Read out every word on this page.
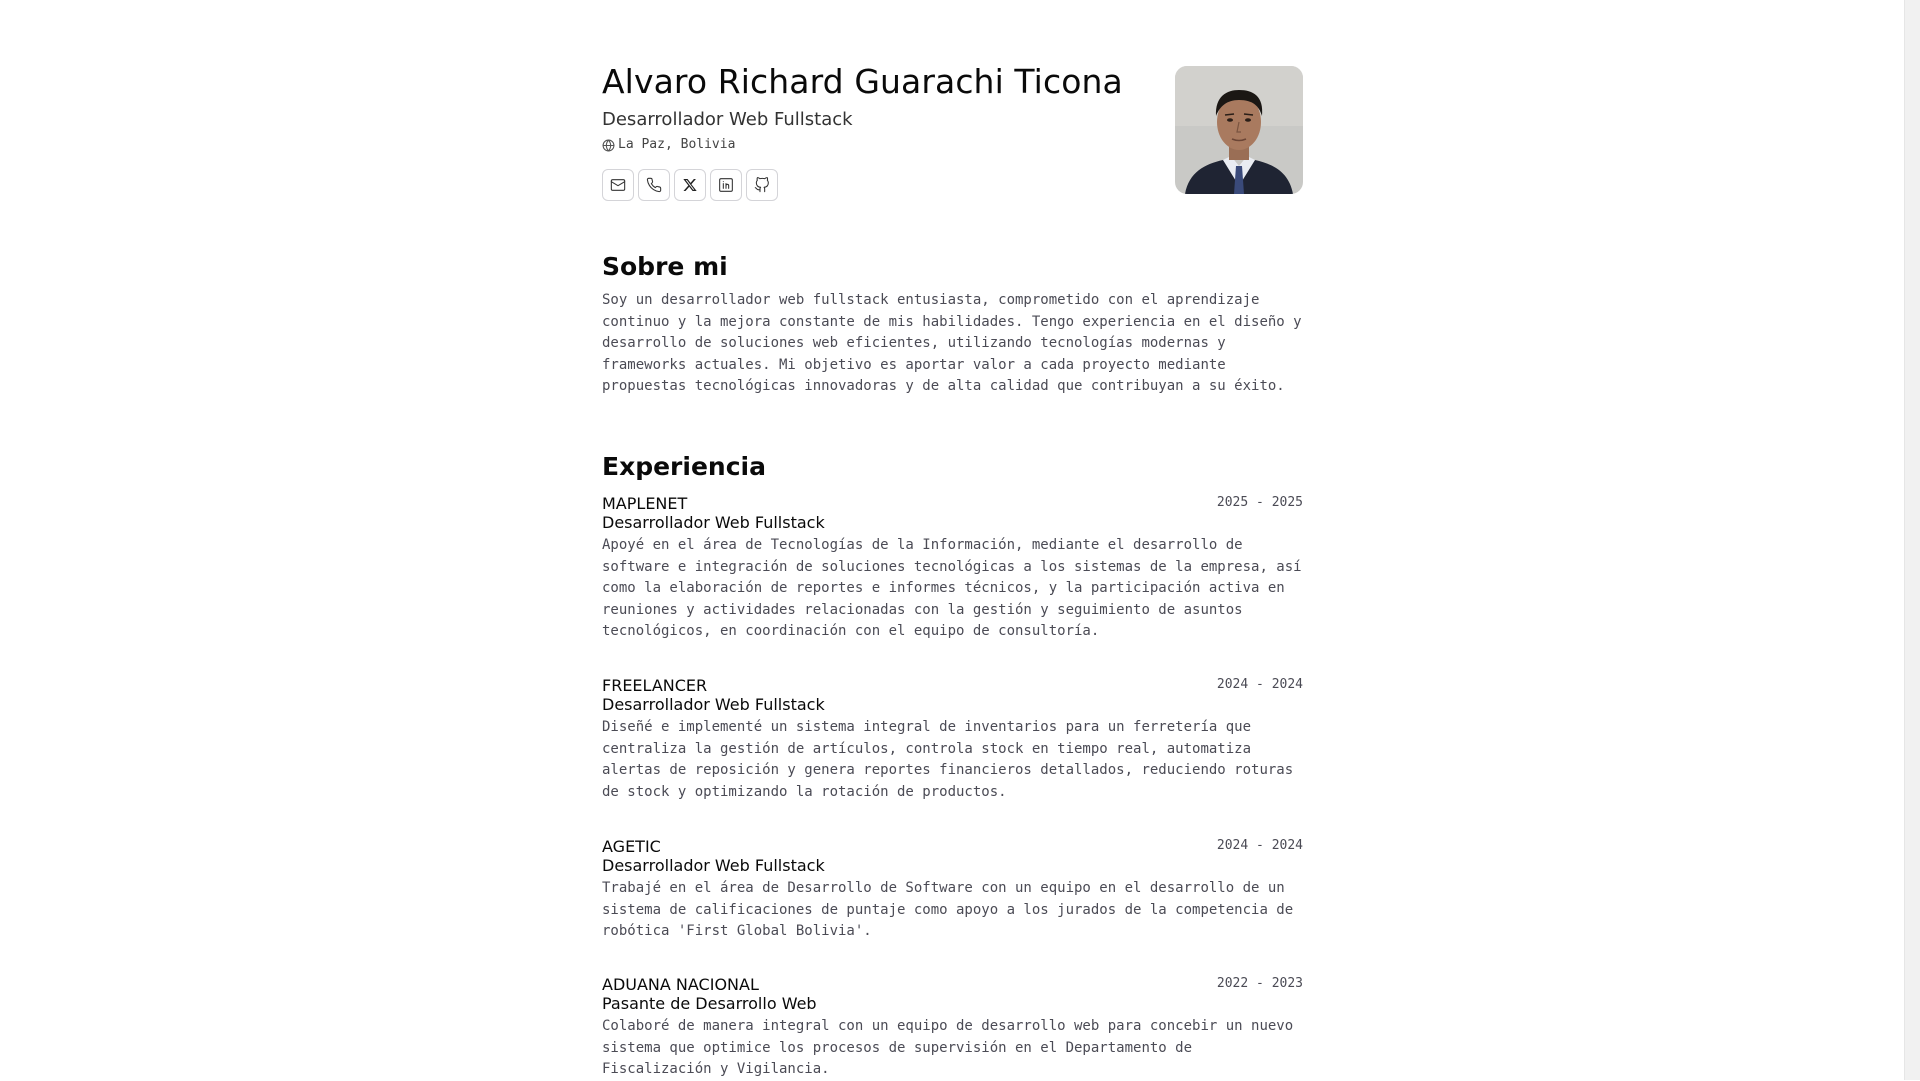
Alvaro Richard Guarachi Ticona
Desarrollador Web Fullstack
La Paz, Bolivia
Sobre mi

Soy un desarrollador web fullstack entusiasta, comprometido con el aprendizaje continuo y la mejora constante de mis habilidades. Tengo experiencia en el diseño y desarrollo de soluciones web eficientes, utilizando tecnologías modernas y frameworks actuales. Mi objetivo es aportar valor a cada proyecto mediante propuestas tecnológicas innovadoras y de alta calidad que contribuyan a su éxito.

Experiencia
MAPLENET	2025 - 2025
Desarrollador Web Fullstack
Apoyé en el área de Tecnologías de la Información, mediante el desarrollo de software e integración de soluciones tecnológicas a los sistemas de la empresa, así como la elaboración de reportes e informes técnicos, y la participación activa en reuniones y actividades relacionadas con la gestión y seguimiento de asuntos tecnológicos, en coordinación con el equipo de consultoría.
FREELANCER	2024 - 2024
Desarrollador Web Fullstack
Diseñé e implementé un sistema integral de inventarios para un ferretería que centraliza la gestión de artículos, controla stock en tiempo real, automatiza alertas de reposición y genera reportes financieros detallados, reduciendo roturas de stock y optimizando la rotación de productos.
AGETIC	2024 - 2024
Desarrollador Web Fullstack
Trabajé en el área de Desarrollo de Software con un equipo en el desarrollo de un sistema de calificaciones de puntaje como apoyo a los jurados de la competencia de robótica 'First Global Bolivia'.
ADUANA NACIONAL	2022 - 2023
Pasante de Desarrollo Web
Colaboré de manera integral con un equipo de desarrollo web para concebir un nuevo sistema que optimice los procesos de supervisión en el Departamento de Fiscalización y Vigilancia.
